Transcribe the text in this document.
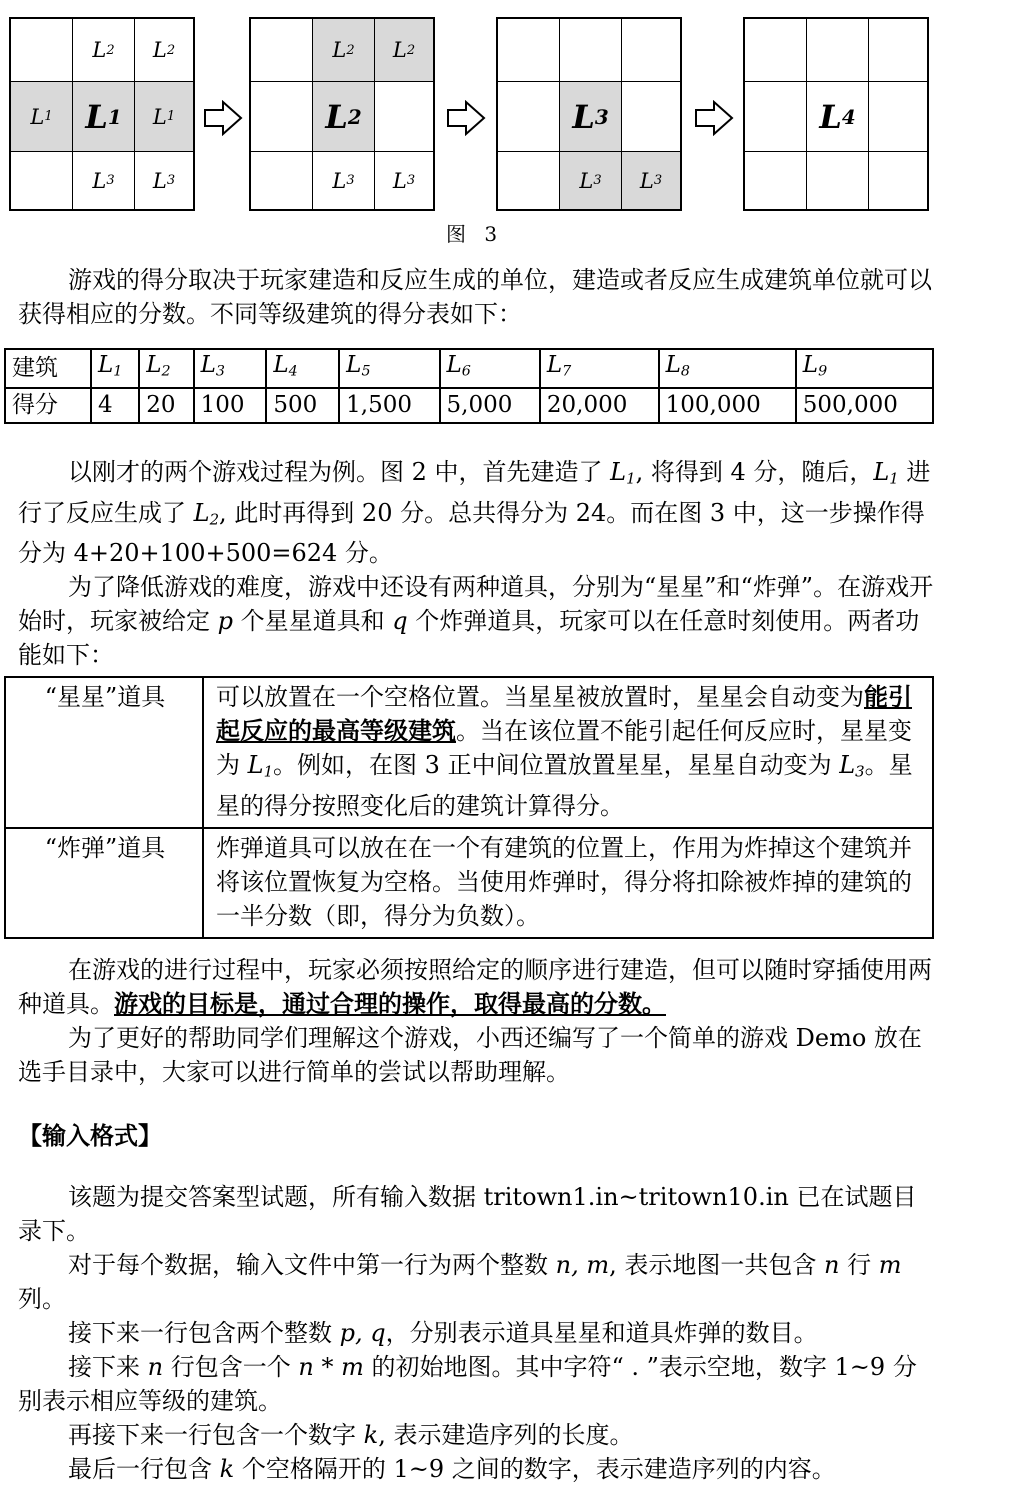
L 2 L 2
L 1 L 1 L 1
L 3 L 3
L 2 L 2
L 2
L 3 L 3
L 3
L 3 L 3
L 4
图 3

游戏的得分取决于玩家建造和反应生成的单位，建造或者反应生成建筑单位就可以获得相应的分数。不同等级建筑的得分表如下：

建筑	$L_1$	$L_2$	$L_3$	$L_4$	$L_5$	$L_6$	$L_7$	$L_8$	$L_9$
得分	4	20	100	500	1,500	5,000	20,000	100,000	500,000

以刚才的两个游戏过程为例。图 2 中，首先建造了 $L_1$, 将得到 4 分，随后，$L_1$ 进行了反应生成了 $L_2$, 此时再得到 20 分。总共得分为 24。而在图 3 中，这一步操作得分为 4+20+100+500=624 分。

为了降低游戏的难度，游戏中还设有两种道具，分别为“星星”和“炸弹”。在游戏开始时，玩家被给定 p 个星星道具和 q 个炸弹道具，玩家可以在任意时刻使用。两者功能如下：

“星星”道具	可以放置在一个空格位置。当星星被放置时，星星会自动变为能引起反应的最高等级建筑。当在该位置不能引起任何反应时，星星变为 $L_1$。例如，在图 3 正中间位置放置星星，星星自动变为 $L_3$。星星的得分按照变化后的建筑计算得分。
“炸弹”道具	炸弹道具可以放在在一个有建筑的位置上，作用为炸掉这个建筑并将该位置恢复为空格。当使用炸弹时，得分将扣除被炸掉的建筑的一半分数（即，得分为负数）。

在游戏的进行过程中，玩家必须按照给定的顺序进行建造，但可以随时穿插使用两种道具。游戏的目标是，通过合理的操作，取得最高的分数。

为了更好的帮助同学们理解这个游戏，小西还编写了一个简单的游戏 Demo 放在选手目录中，大家可以进行简单的尝试以帮助理解。

【输入格式】

该题为提交答案型试题，所有输入数据 tritown1.in~tritown10.in 已在试题目录下。

对于每个数据，输入文件中第一行为两个整数 n, m, 表示地图一共包含 n 行 m 列。

接下来一行包含两个整数 p, q，分别表示道具星星和道具炸弹的数目。

接下来 n 行包含一个 n * m 的初始地图。其中字符“ . ”表示空地，数字 1~9 分别表示相应等级的建筑。

再接下来一行包含一个数字 k, 表示建造序列的长度。

最后一行包含 k 个空格隔开的 1~9 之间的数字，表示建造序列的内容。
